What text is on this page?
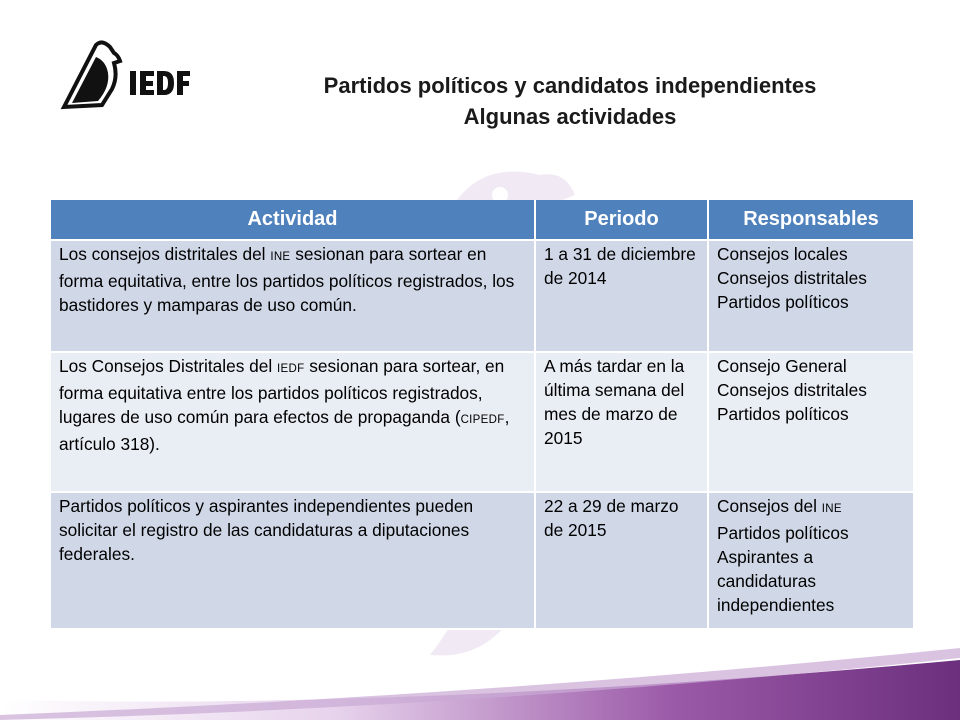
Partidos políticos y candidatos independientes
Algunas actividades
Actividad	Periodo	Responsables
Los consejos distritales del INE sesionan para sortear en forma equitativa, entre los partidos políticos registrados, los bastidores y mamparas de uso común.	1 a 31 de diciembre de 2014	Consejos locales
Consejos distritales
Partidos políticos

Los Consejos Distritales del IEDF sesionan para sortear, en forma equitativa entre los partidos políticos registrados, lugares de uso común para efectos de propaganda (CIPEDF, artículo 318).	A más tardar en la última semana del mes de marzo de 2015	Consejo General
Consejos distritales
Partidos políticos

Partidos políticos y aspirantes independientes pueden solicitar el registro de las candidaturas a diputaciones federales.	22 a 29 de marzo de 2015	Consejos del INE
Partidos políticos
Aspirantes a candidaturas independientes
